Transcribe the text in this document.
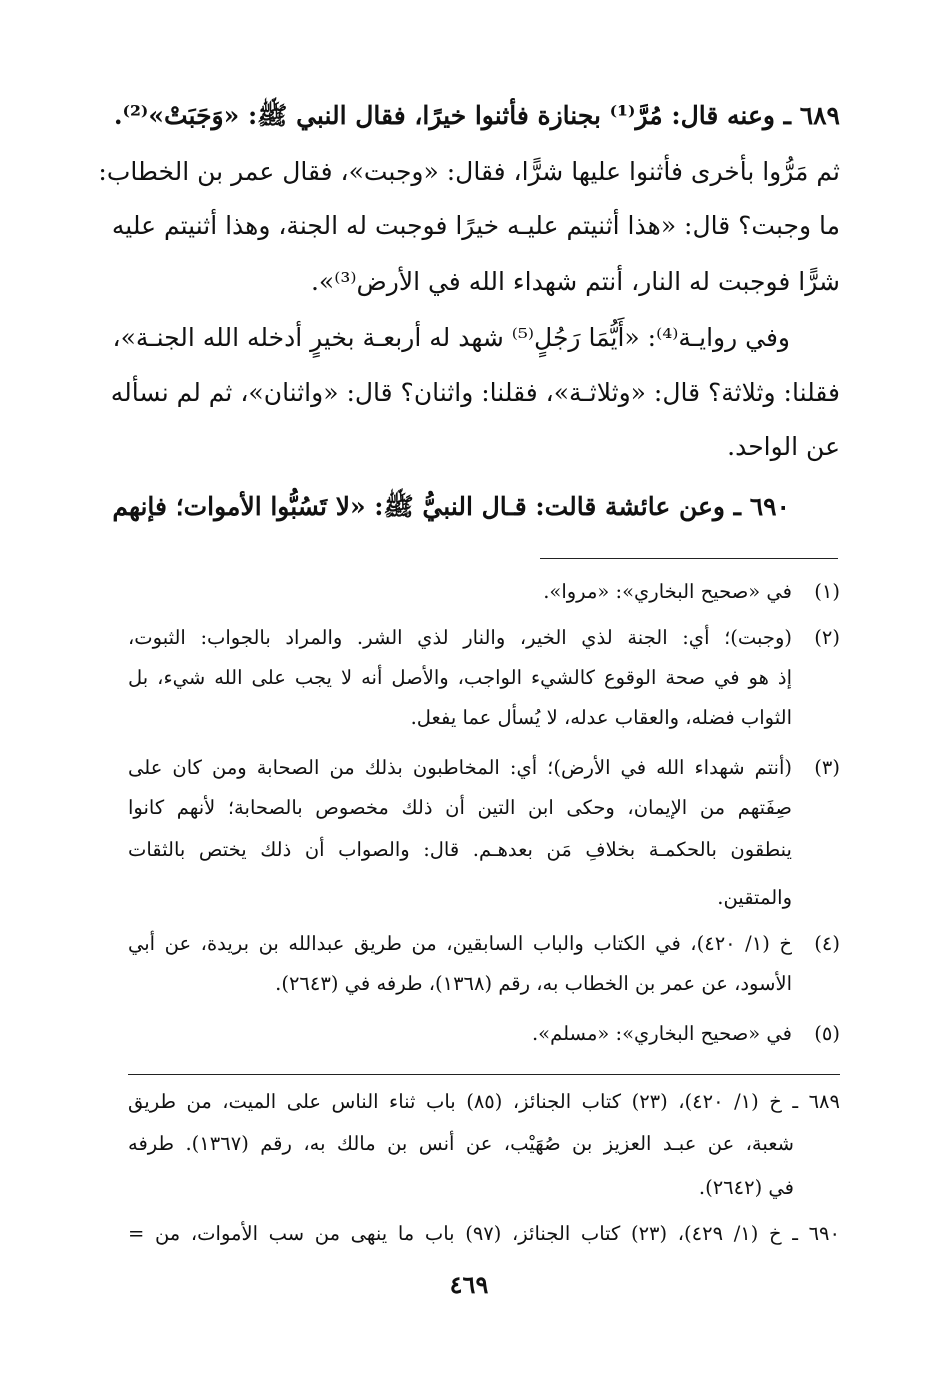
٦٨٩ ـ وعنه قال: مُرَّ⁽¹⁾ بجنازة فأثنوا خيرًا، فقال النبي ﷺ: «وَجَبَتْ»⁽²⁾.
ثم مَرُّوا بأخرى فأثنوا عليها شرًّا، فقال: «وجبت»، فقال عمر بن الخطاب:
ما وجبت؟ قال: «هذا أثنيتم عليـه خيرًا فوجبت له الجنة، وهذا أثنيتم عليه
شرًّا فوجبت له النار، أنتم شهداء الله في الأرض⁽³⁾».
وفي روايـة⁽⁴⁾: «أَيُّمَا رَجُلٍ⁽⁵⁾ شهد له أربعـة بخيرٍ أدخله الله الجنـة»،
فقلنا: وثلاثة؟ قال: «وثلاثـة»، فقلنا: واثنان؟ قال: «واثنان»، ثم لم نسأله
عن الواحد.
٦٩٠ ـ وعن عائشة قالت: قـال النبيُّ ﷺ: «لا تَسُبُّوا الأموات؛ فإنهم
(١)
في «صحيح البخاري»: «مروا».
(٢)
(وجبت)؛ أي: الجنة لذي الخير، والنار لذي الشر. والمراد بالجواب: الثبوت،
إذ هو في صحة الوقوع كالشيء الواجب، والأصل أنه لا يجب على الله شيء، بل
الثواب فضله، والعقاب عدله، لا يُسأل عما يفعل.
(٣)
(أنتم شهداء الله في الأرض)؛ أي: المخاطبون بذلك من الصحابة ومن كان على
صِفَتهم من الإيمان، وحكى ابن التين أن ذلك مخصوص بالصحابة؛ لأنهم كانوا
ينطقون بالحكمـة بخلافِ مَن بعدهـم. قال: والصواب أن ذلك يختص بالثقات
والمتقين.
(٤)
خ (١/ ٤٢٠)، في الكتاب والباب السابقين، من طريق عبدالله بن بريدة، عن أبي
الأسود، عن عمر بن الخطاب به، رقم (١٣٦٨)، طرفه في (٢٦٤٣).
(٥)
في «صحيح البخاري»: «مسلم».
٦٨٩ ـ خ (١/ ٤٢٠)، (٢٣) كتاب الجنائز، (٨٥) باب ثناء الناس على الميت، من طريق
شعبة، عن عبـد العزيز بن صُهَيْب، عن أنس بن مالك به، رقم (١٣٦٧). طرفه
في (٢٦٤٢).
٦٩٠ ـ خ (١/ ٤٢٩)، (٢٣) كتاب الجنائز، (٩٧) باب ما ينهى من سب الأموات، من =
٤٦٩
